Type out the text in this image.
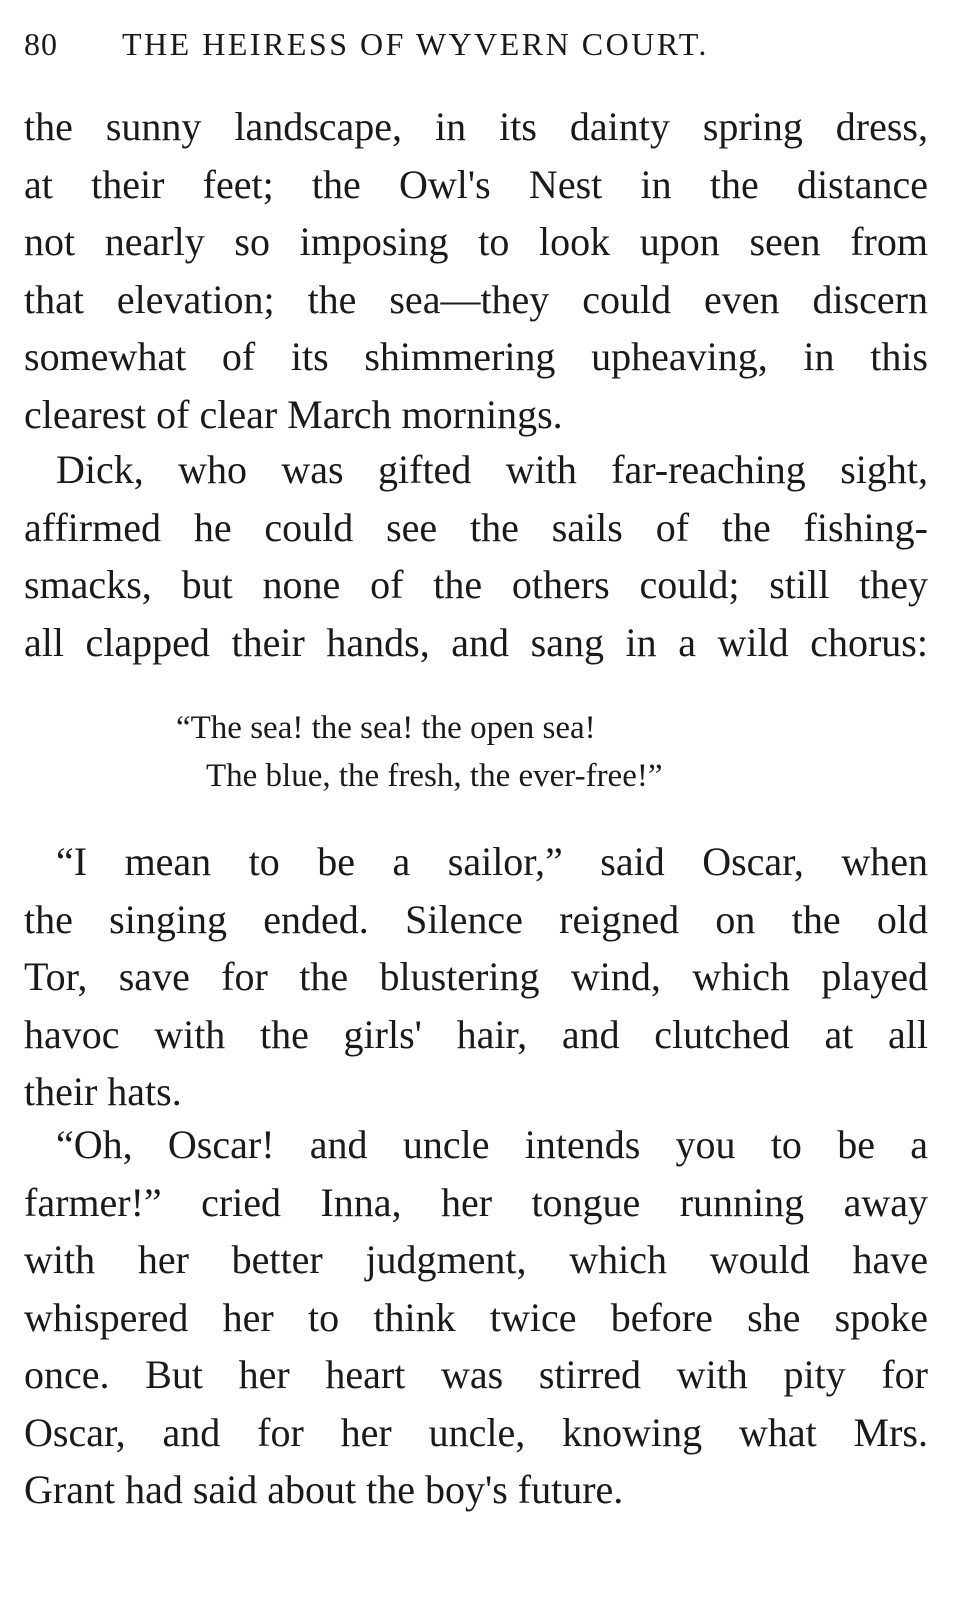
80 THE HEIRESS OF WYVERN COURT.
the sunny landscape, in its dainty spring dress,
at their feet; the Owl's Nest in the distance
not nearly so imposing to look upon seen from
that elevation; the sea—they could even discern
somewhat of its shimmering upheaving, in this
clearest of clear March mornings.
Dick, who was gifted with far-reaching sight,
affirmed he could see the sails of the fishing-
smacks, but none of the others could; still they
all clapped their hands, and sang in a wild chorus:
“The sea! the sea! the open sea!
The blue, the fresh, the ever-free!”
“I mean to be a sailor,” said Oscar, when
the singing ended. Silence reigned on the old
Tor, save for the blustering wind, which played
havoc with the girls' hair, and clutched at all
their hats.
“Oh, Oscar! and uncle intends you to be a
farmer!” cried Inna, her tongue running away
with her better judgment, which would have
whispered her to think twice before she spoke
once. But her heart was stirred with pity for
Oscar, and for her uncle, knowing what Mrs.
Grant had said about the boy's future.
